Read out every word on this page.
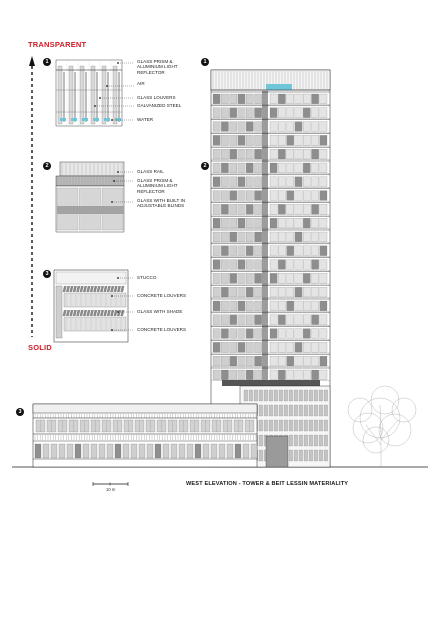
TRANSPARENT
SOLID
1
2
3
GLASS PRISM &
ALUMINIUM LIGHT
REFLECTOR
AIR
GLASS LOUVERS
GALVANIZED STEEL
WATER
GLASS RAIL
GLASS PRISM &
ALUMINIUM LIGHT
REFLECTOR
GLASS WITH BUILT IN
ADJUSTABLE BLINDS
STUCCO
CONCRETE LOUVERS
GLASS WITH SHADE
CONCRETE LOUVERS
1
2
3
10 m
WEST ELEVATION - TOWER & BEIT LESSIN MATERIALITY
